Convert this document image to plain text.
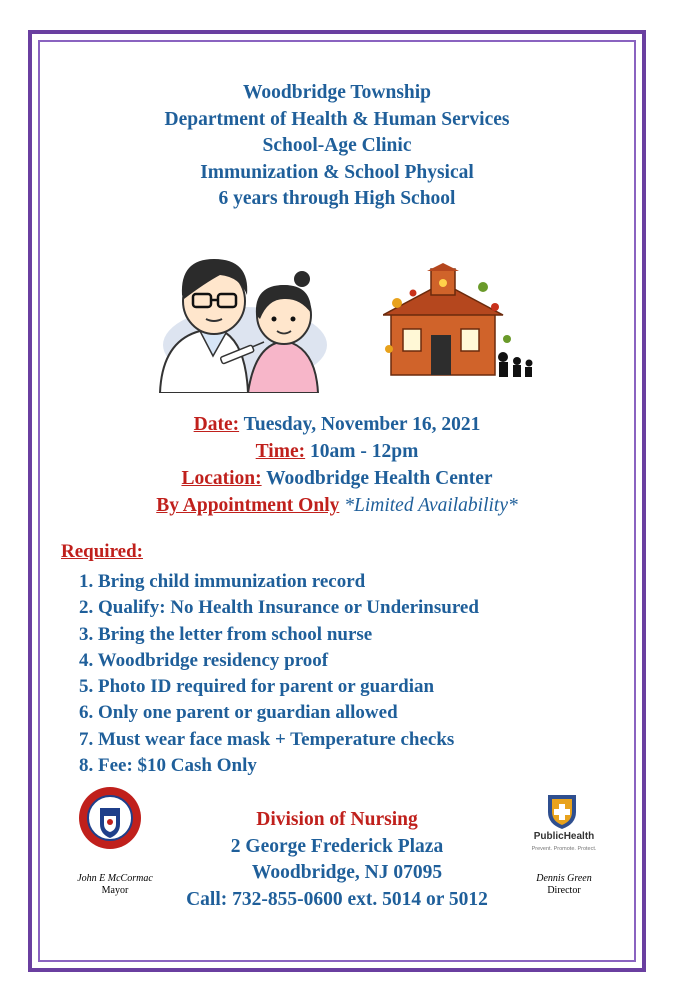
Woodbridge Township
Department of Health & Human Services
School-Age Clinic
Immunization & School Physical
6 years through High School
Date: Tuesday, November 16, 2021
Time: 10am - 12pm
Location: Woodbridge Health Center
By Appointment Only *Limited Availability*
Required:
1. Bring child immunization record
2. Qualify: No Health Insurance or Underinsured
3. Bring the letter from school nurse
4. Woodbridge residency proof
5. Photo ID required for parent or guardian
6. Only one parent or guardian allowed
7. Must wear face mask + Temperature checks
8. Fee: $10 Cash Only
John E McCormac
Mayor
Division of Nursing
2 George Frederick Plaza
Woodbridge, NJ 07095
Call: 732-855-0600 ext. 5014 or 5012
PublicHealth
Prevent. Promote. Protect.
Dennis Green
Director
